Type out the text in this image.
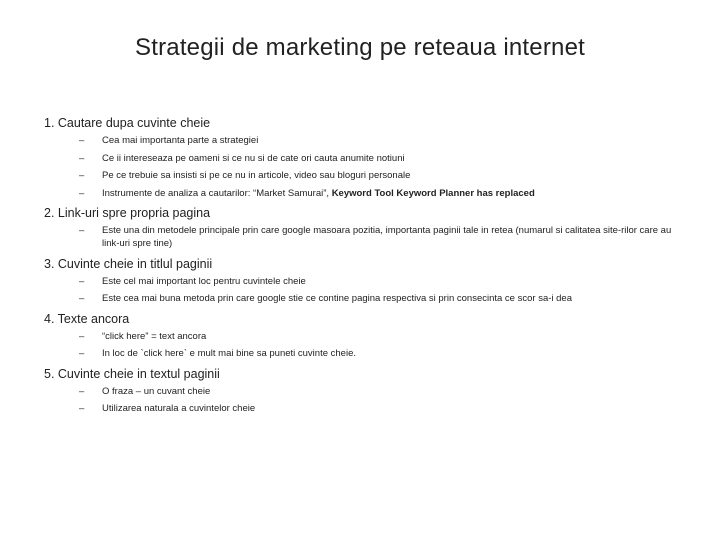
Strategii de marketing pe reteaua internet
1. Cautare dupa cuvinte cheie
– Cea mai importanta parte a strategiei
– Ce ii intereseaza pe oameni si ce nu si de cate ori cauta anumite notiuni
– Pe ce trebuie sa insisti si pe ce nu in articole, video sau bloguri personale
– Instrumente de analiza a cautarilor: “Market Samurai”, Keyword Tool Keyword Planner has replaced
2. Link-uri spre propria pagina
– Este una din metodele principale prin care google masoara pozitia, importanta paginii tale in retea (numarul si calitatea site-rilor care au link-uri spre tine)
3. Cuvinte cheie in titlul paginii
– Este cel mai important loc pentru cuvintele cheie
– Este cea mai buna metoda prin care google stie ce contine pagina respectiva si prin consecinta ce scor sa-i dea
4. Texte ancora
– “click here” = text ancora
– In loc de `click here` e mult mai bine sa puneti cuvinte cheie.
5. Cuvinte cheie in textul paginii
– O fraza – un cuvant cheie
– Utilizarea naturala a cuvintelor cheie
